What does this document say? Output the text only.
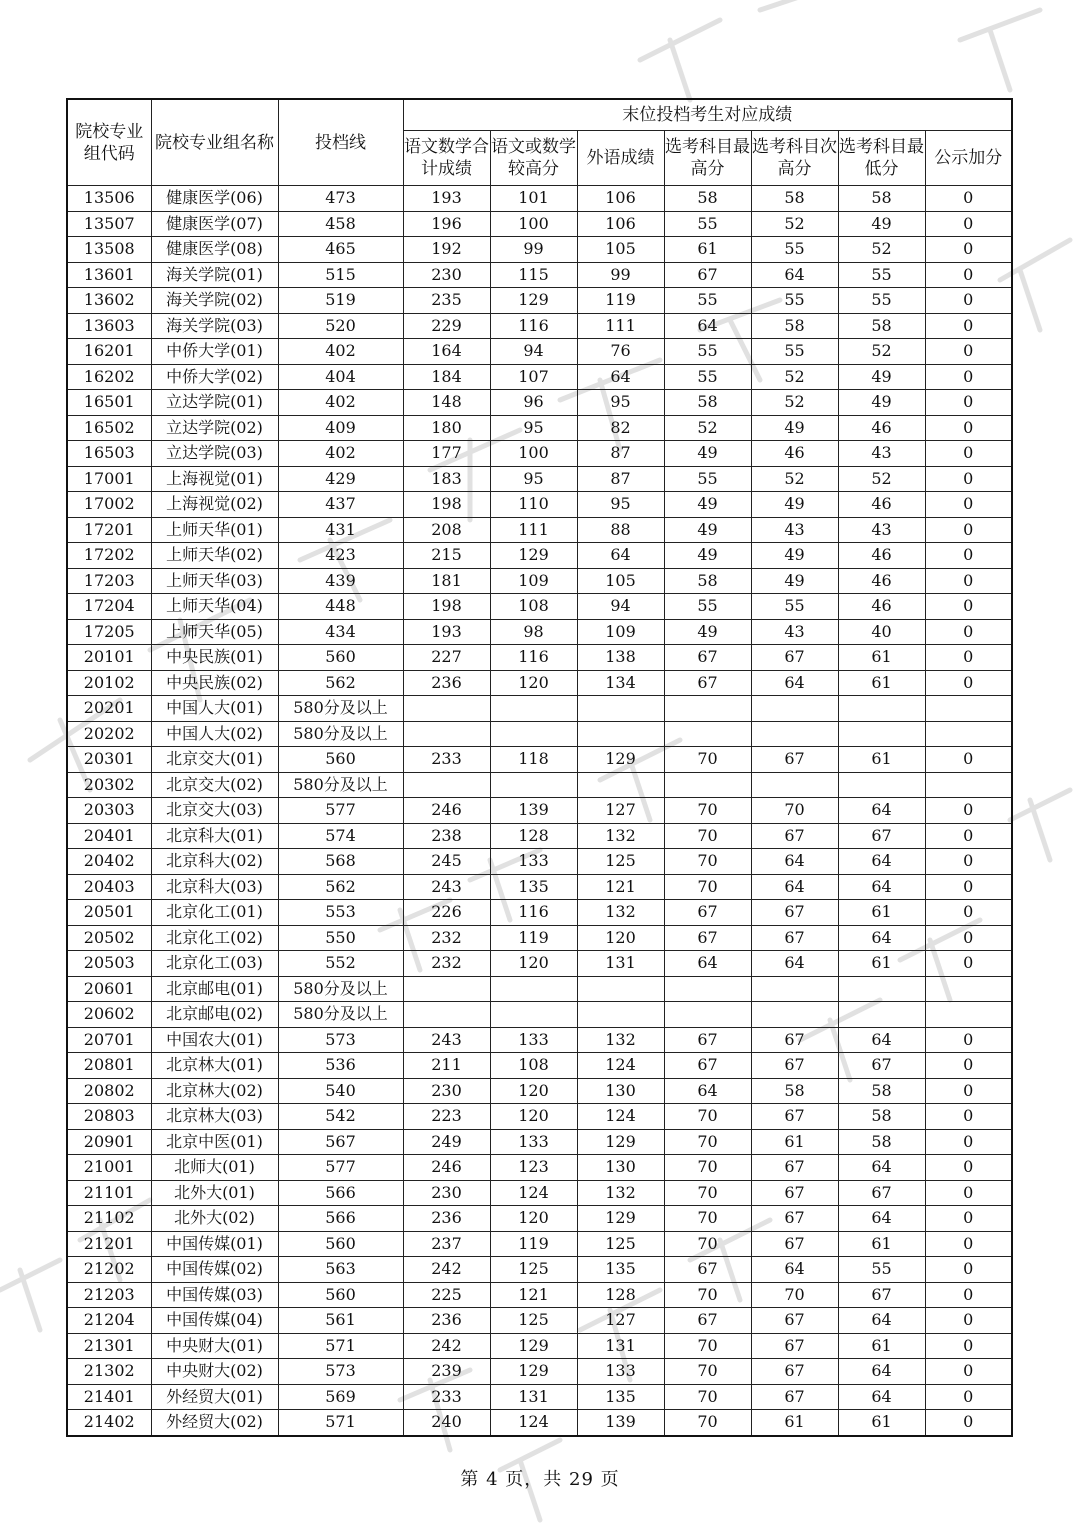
院校专业组代码	院校专业组名称	投档线	末位投档考生对应成绩						
			语文数学合计成绩	语文或数学较高分	外语成绩	选考科目最高分	选考科目次高分	选考科目最低分	公示加分
13506	健康医学(06)	473	193	101	106	58	58	58	0
13507	健康医学(07)	458	196	100	106	55	52	49	0
13508	健康医学(08)	465	192	99	105	61	55	52	0
13601	海关学院(01)	515	230	115	99	67	64	55	0
13602	海关学院(02)	519	235	129	119	55	55	55	0
13603	海关学院(03)	520	229	116	111	64	58	58	0
16201	中侨大学(01)	402	164	94	76	55	55	52	0
16202	中侨大学(02)	404	184	107	64	55	52	49	0
16501	立达学院(01)	402	148	96	95	58	52	49	0
16502	立达学院(02)	409	180	95	82	52	49	46	0
16503	立达学院(03)	402	177	100	87	49	46	43	0
17001	上海视觉(01)	429	183	95	87	55	52	52	0
17002	上海视觉(02)	437	198	110	95	49	49	46	0
17201	上师天华(01)	431	208	111	88	49	43	43	0
17202	上师天华(02)	423	215	129	64	49	49	46	0
17203	上师天华(03)	439	181	109	105	58	49	46	0
17204	上师天华(04)	448	198	108	94	55	55	46	0
17205	上师天华(05)	434	193	98	109	49	43	40	0
20101	中央民族(01)	560	227	116	138	67	67	61	0
20102	中央民族(02)	562	236	120	134	67	64	61	0
20201	中国人大(01)	580分及以上							
20202	中国人大(02)	580分及以上							
20301	北京交大(01)	560	233	118	129	70	67	61	0
20302	北京交大(02)	580分及以上							
20303	北京交大(03)	577	246	139	127	70	70	64	0
20401	北京科大(01)	574	238	128	132	70	67	67	0
20402	北京科大(02)	568	245	133	125	70	64	64	0
20403	北京科大(03)	562	243	135	121	70	64	64	0
20501	北京化工(01)	553	226	116	132	67	67	61	0
20502	北京化工(02)	550	232	119	120	67	67	64	0
20503	北京化工(03)	552	232	120	131	64	64	61	0
20601	北京邮电(01)	580分及以上							
20602	北京邮电(02)	580分及以上							
20701	中国农大(01)	573	243	133	132	67	67	64	0
20801	北京林大(01)	536	211	108	124	67	67	67	0
20802	北京林大(02)	540	230	120	130	64	58	58	0
20803	北京林大(03)	542	223	120	124	70	67	58	0
20901	北京中医(01)	567	249	133	129	70	61	58	0
21001	北师大(01)	577	246	123	130	70	67	64	0
21101	北外大(01)	566	230	124	132	70	67	67	0
21102	北外大(02)	566	236	120	129	70	67	64	0
21201	中国传媒(01)	560	237	119	125	70	67	61	0
21202	中国传媒(02)	563	242	125	135	67	64	55	0
21203	中国传媒(03)	560	225	121	128	70	70	67	0
21204	中国传媒(04)	561	236	125	127	67	67	64	0
21301	中央财大(01)	571	242	129	131	70	67	61	0
21302	中央财大(02)	573	239	129	133	70	67	64	0
21401	外经贸大(01)	569	233	131	135	70	67	64	0
21402	外经贸大(02)	571	240	124	139	70	61	61	0
第 4 页，共 29 页
